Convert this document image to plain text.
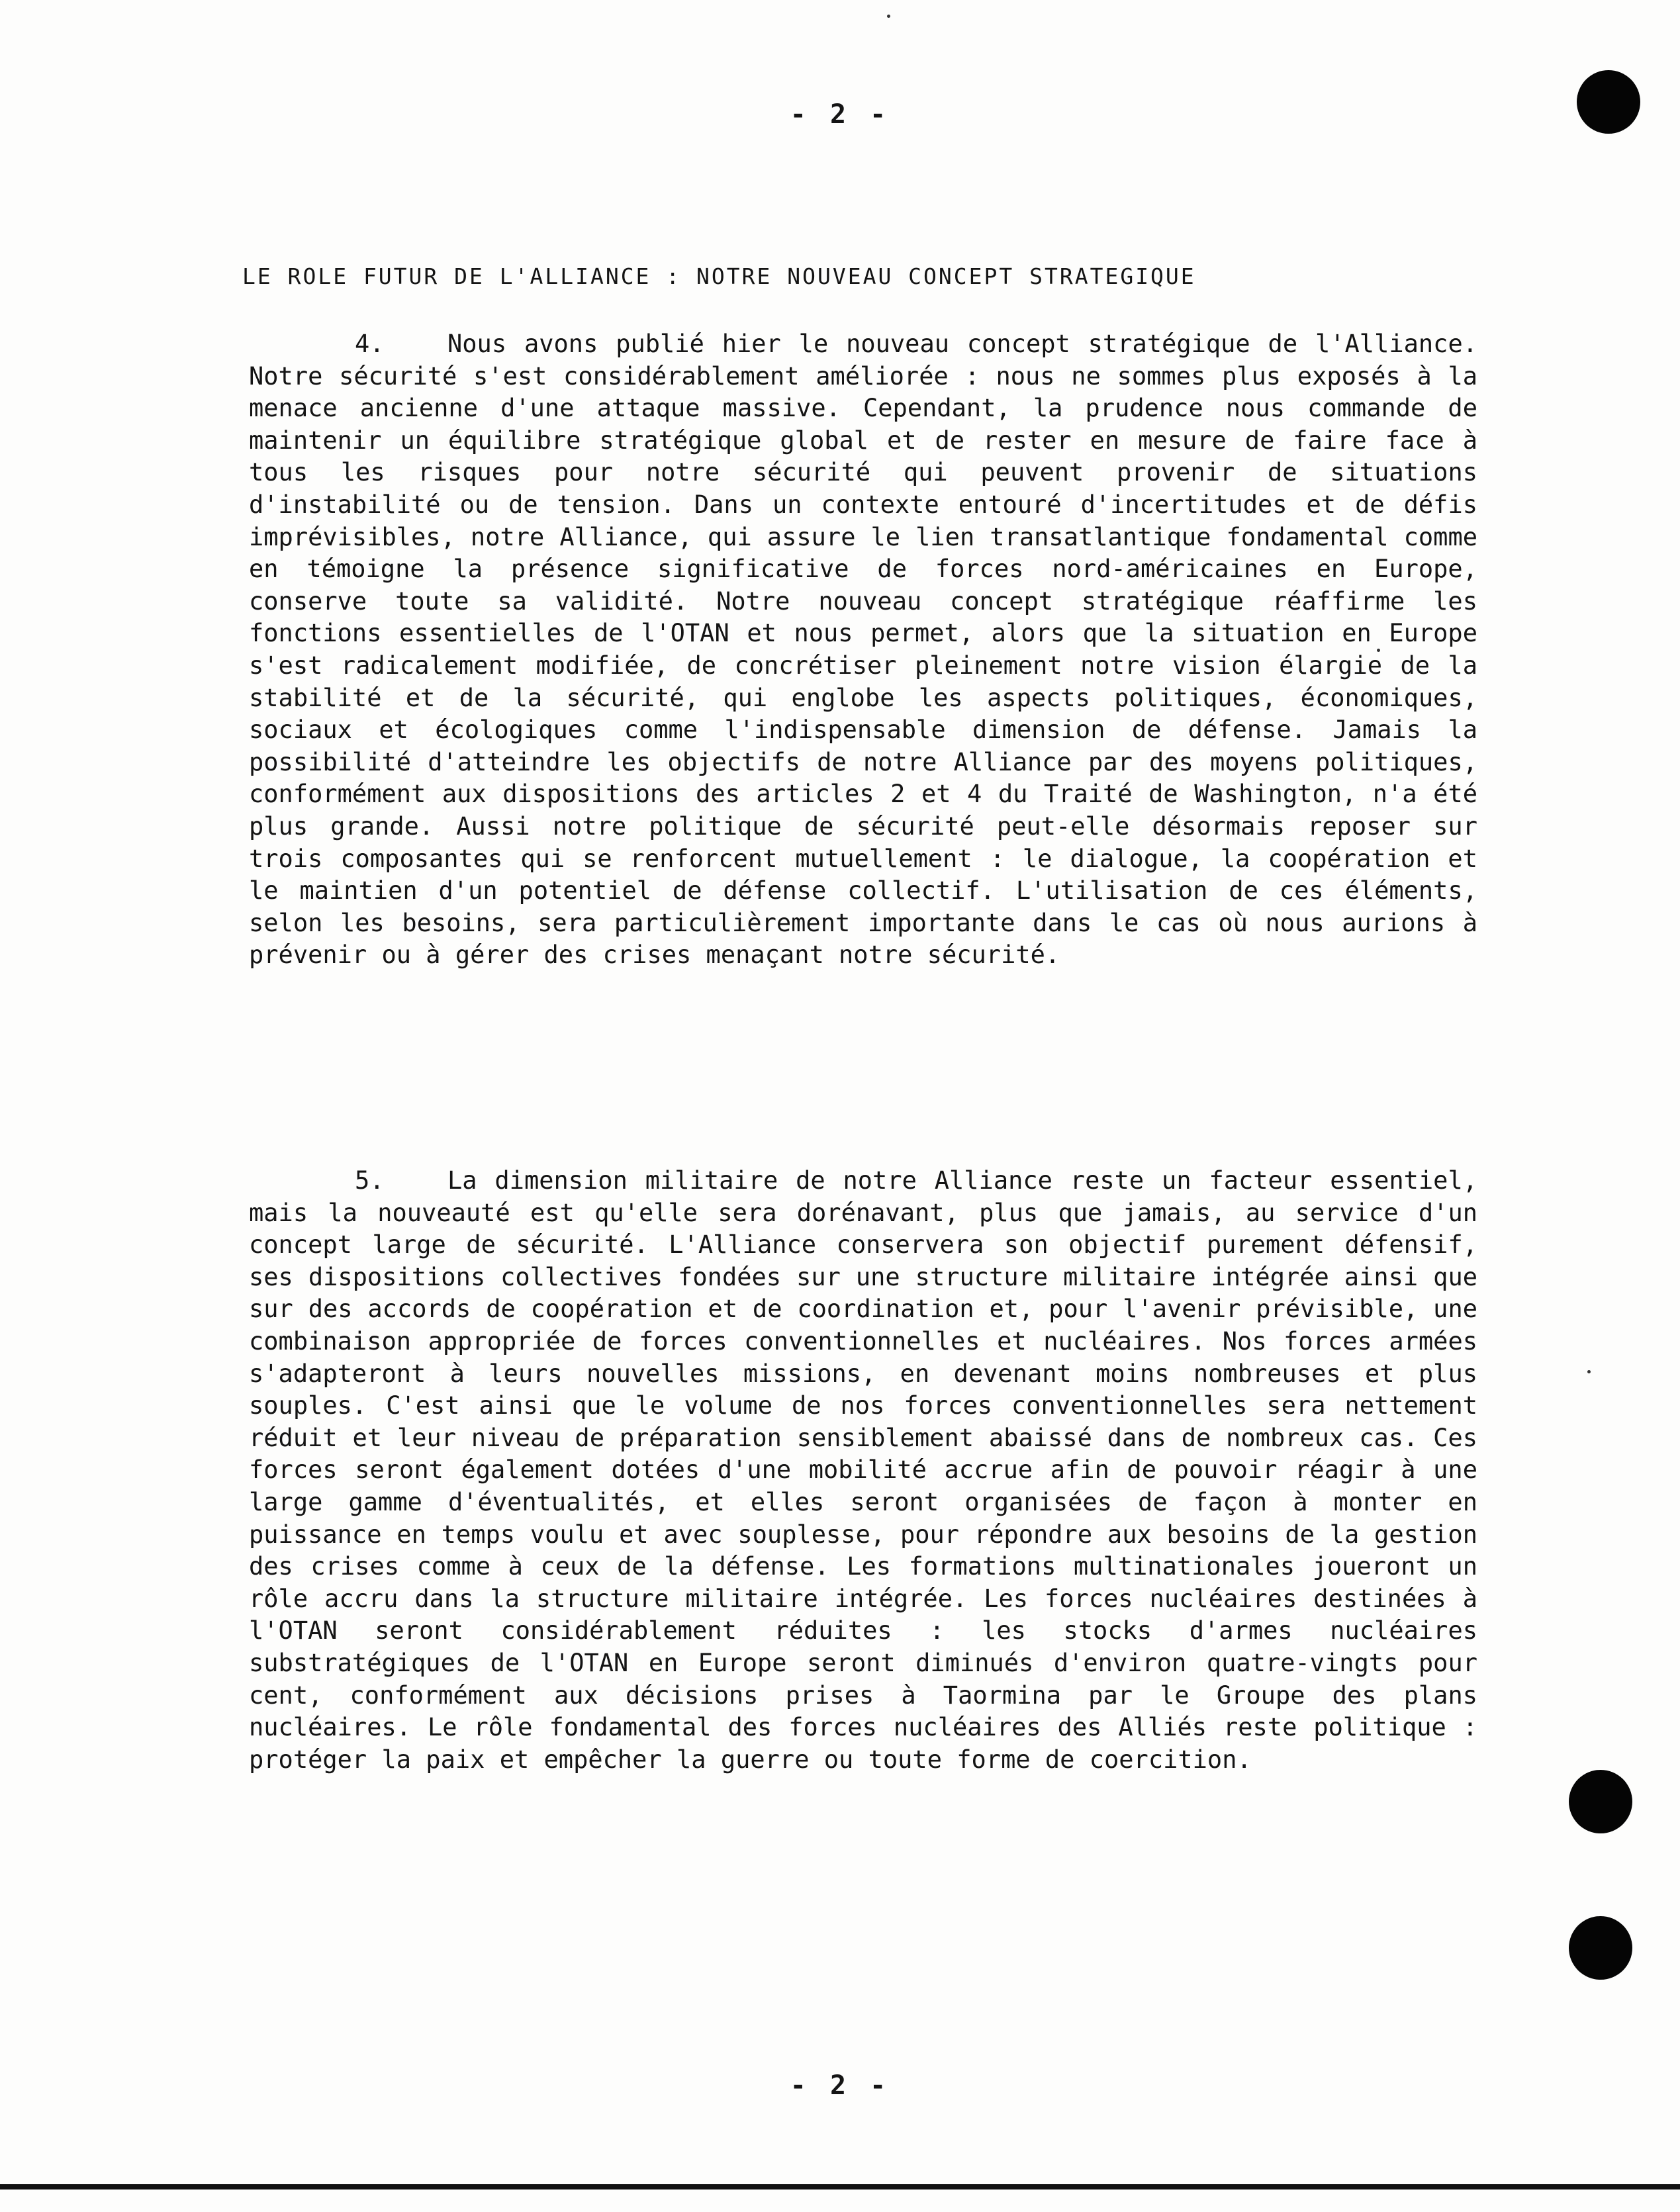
- 2 -
LE ROLE FUTUR DE L'ALLIANCE : NOTRE NOUVEAU CONCEPT STRATEGIQUE
4.	Nous avons publié hier le nouveau concept stratégique de l'Alliance. Notre sécurité s'est considérablement améliorée : nous ne sommes plus exposés à la menace ancienne d'une attaque massive. Cependant, la prudence nous commande de maintenir un équilibre stratégique global et de rester en mesure de faire face à tous les risques pour notre sécurité qui peuvent provenir de situations d'instabilité ou de tension. Dans un contexte entouré d'incertitudes et de défis imprévisibles, notre Alliance, qui assure le lien transatlantique fondamental comme en témoigne la présence significative de forces nord-américaines en Europe, conserve toute sa validité. Notre nouveau concept stratégique réaffirme les fonctions essentielles de l'OTAN et nous permet, alors que la situation en Europe s'est radicalement modifiée, de concrétiser pleinement notre vision élargie de la stabilité et de la sécurité, qui englobe les aspects politiques, économiques, sociaux et écologiques comme l'indispensable dimension de défense. Jamais la possibilité d'atteindre les objectifs de notre Alliance par des moyens politiques, conformément aux dispositions des articles 2 et 4 du Traité de Washington, n'a été plus grande. Aussi notre politique de sécurité peut-elle désormais reposer sur trois composantes qui se renforcent mutuellement : le dialogue, la coopération et le maintien d'un potentiel de défense collectif. L'utilisation de ces éléments, selon les besoins, sera particulièrement importante dans le cas où nous aurions à prévenir ou à gérer des crises menaçant notre sécurité.
5.	La dimension militaire de notre Alliance reste un facteur essentiel, mais la nouveauté est qu'elle sera dorénavant, plus que jamais, au service d'un concept large de sécurité. L'Alliance conservera son objectif purement défensif, ses dispositions collectives fondées sur une structure militaire intégrée ainsi que sur des accords de coopération et de coordination et, pour l'avenir prévisible, une combinaison appropriée de forces conventionnelles et nucléaires. Nos forces armées s'adapteront à leurs nouvelles missions, en devenant moins nombreuses et plus souples. C'est ainsi que le volume de nos forces conventionnelles sera nettement réduit et leur niveau de préparation sensiblement abaissé dans de nombreux cas. Ces forces seront également dotées d'une mobilité accrue afin de pouvoir réagir à une large gamme d'éventualités, et elles seront organisées de façon à monter en puissance en temps voulu et avec souplesse, pour répondre aux besoins de la gestion des crises comme à ceux de la défense. Les formations multinationales joueront un rôle accru dans la structure militaire intégrée. Les forces nucléaires destinées à l'OTAN seront considérablement réduites : les stocks d'armes nucléaires substratégiques de l'OTAN en Europe seront diminués d'environ quatre-vingts pour cent, conformément aux décisions prises à Taormina par le Groupe des plans nucléaires. Le rôle fondamental des forces nucléaires des Alliés reste politique : protéger la paix et empêcher la guerre ou toute forme de coercition.
- 2 -
